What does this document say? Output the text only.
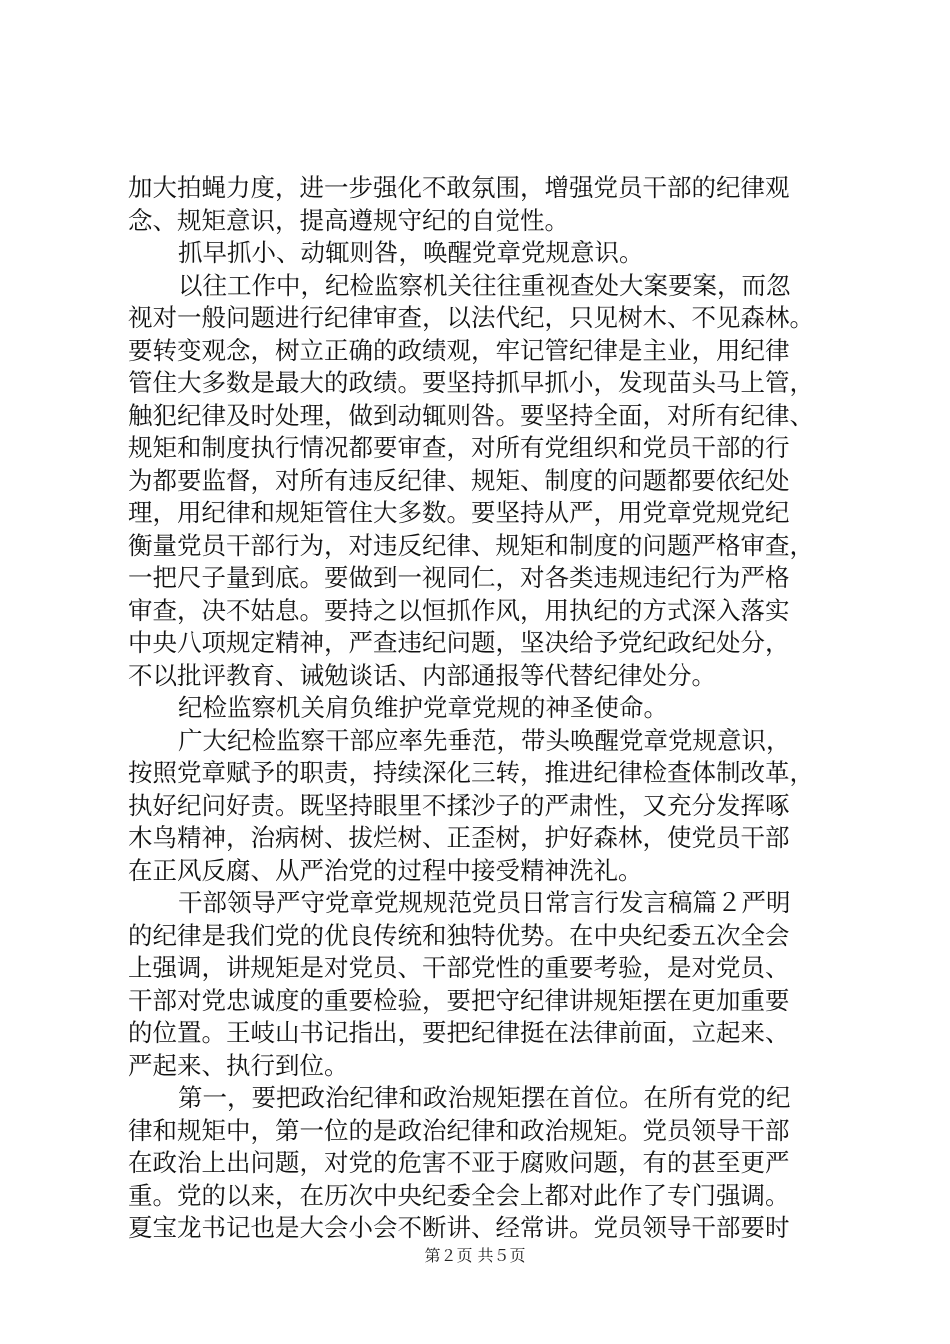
加大拍蝇力度，进一步强化不敢氛围，增强党员干部的纪律观
念、规矩意识，提高遵规守纪的自觉性。
抓早抓小、动辄则咎，唤醒党章党规意识。
以往工作中，纪检监察机关往往重视查处大案要案，而忽
视对一般问题进行纪律审查，以法代纪，只见树木、不见森林。
要转变观念，树立正确的政绩观，牢记管纪律是主业，用纪律
管住大多数是最大的政绩。要坚持抓早抓小，发现苗头马上管，
触犯纪律及时处理，做到动辄则咎。要坚持全面，对所有纪律、
规矩和制度执行情况都要审查，对所有党组织和党员干部的行
为都要监督，对所有违反纪律、规矩、制度的问题都要依纪处
理，用纪律和规矩管住大多数。要坚持从严，用党章党规党纪
衡量党员干部行为，对违反纪律、规矩和制度的问题严格审查，
一把尺子量到底。要做到一视同仁，对各类违规违纪行为严格
审查，决不姑息。要持之以恒抓作风，用执纪的方式深入落实
中央八项规定精神，严查违纪问题，坚决给予党纪政纪处分，
不以批评教育、诫勉谈话、内部通报等代替纪律处分。
纪检监察机关肩负维护党章党规的神圣使命。
广大纪检监察干部应率先垂范，带头唤醒党章党规意识，
按照党章赋予的职责，持续深化三转，推进纪律检查体制改革，
执好纪问好责。既坚持眼里不揉沙子的严肃性，又充分发挥啄
木鸟精神，治病树、拔烂树、正歪树，护好森林，使党员干部
在正风反腐、从严治党的过程中接受精神洗礼。
干部领导严守党章党规规范党员日常言行发言稿篇２严明
的纪律是我们党的优良传统和独特优势。在中央纪委五次全会
上强调，讲规矩是对党员、干部党性的重要考验，是对党员、
干部对党忠诚度的重要检验，要把守纪律讲规矩摆在更加重要
的位置。王岐山书记指出，要把纪律挺在法律前面，立起来、
严起来、执行到位。
第一，要把政治纪律和政治规矩摆在首位。在所有党的纪
律和规矩中，第一位的是政治纪律和政治规矩。党员领导干部
在政治上出问题，对党的危害不亚于腐败问题，有的甚至更严
重。党的以来，在历次中央纪委全会上都对此作了专门强调。
夏宝龙书记也是大会小会不断讲、经常讲。党员领导干部要时
第２页 共５页
